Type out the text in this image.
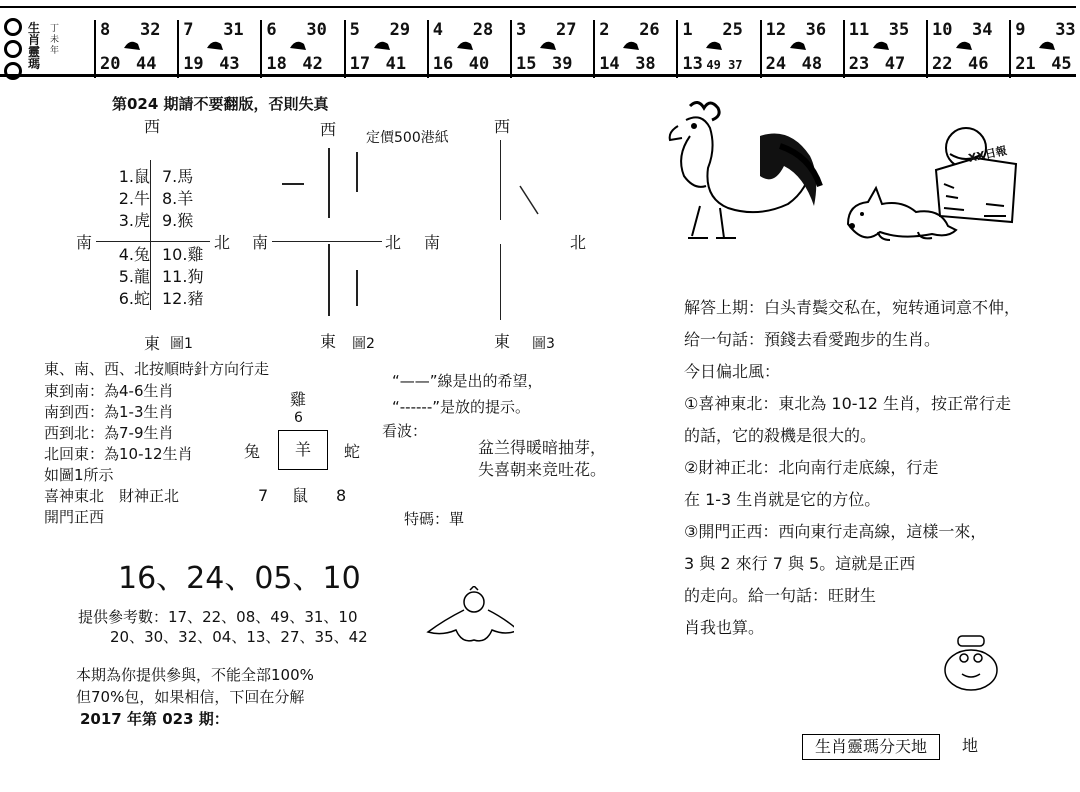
生肖靈瑪
丁未年
8 32
20 44
7 31
19 43
6 30
18 42
5 29
17 41
4 28
16 40
3 27
15 39
2 26
14 38
1 25
13 49 37
12 36
24 48
11 35
23 47
10 34
22 46
9 33
21 45
第024 期請不要翻版，否則失真
定價500港紙
西
南	北
1.鼠
2.牛
3.虎
4.兔
5.龍
6.蛇
7.馬
8.羊
9.猴
10.雞
11.狗
12.豬
東 圖1
西
南	北
東 圖2
西
南	北
東 圖3
東、南、西、北按順時針方向行走
東到南：為4-6生肖
南到西：為1-3生肖
西到北：為7-9生肖
北回東：為10-12生肖
如圖1所示
喜神東北　財神正北
開門正西
雞
6
兔	羊	蛇
7 鼠 8
“——”線是出的希望，
“------”是放的提示。
看波：
盆兰得暖暗抽芽，
失喜朝来竞吐花。
特碼：單
16、24、05、10
提供參考數：17、22、08、49、31、10
20、30、32、04、13、27、35、42
本期為你提供參與，不能全部100%
但70%包，如果相信，下回在分解
2017 年第 023 期：
XX日報
解答上期：白头青鬓交私在，宛转通词意不伸，
给一句話：預錢去看愛跑步的生肖。
今日偏北風：
①喜神東北：東北為 10-12 生肖，按正常行走
的話，它的殺機是很大的。
②財神正北：北向南行走底線，行走
在 1-3 生肖就是它的方位。
③開門正西：西向東行走高線，這樣一來，
3 與 2 來行 7 與 5。這就是正西
的走向。給一句話：旺財生
肖我也算。
生肖靈瑪分天地	地
